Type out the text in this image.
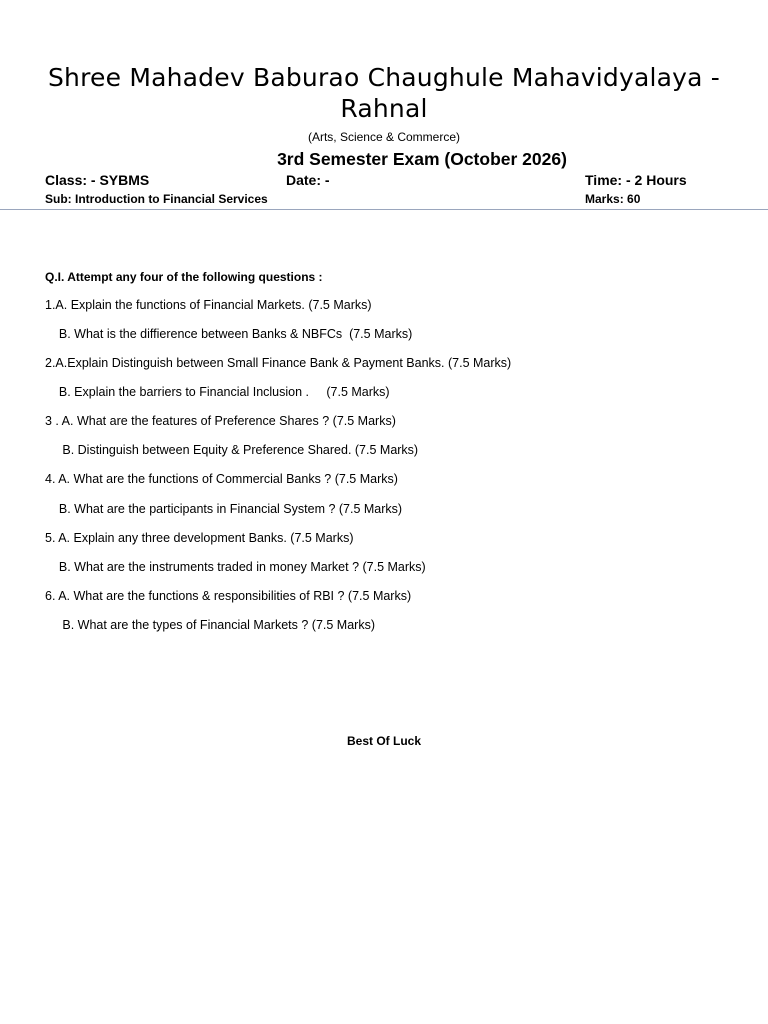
Shree Mahadev Baburao Chaughule Mahavidyalaya - Rahnal
(Arts, Science & Commerce)
3rd Semester Exam (October 2026)
Class: - SYBMS	Date: -	Time: - 2 Hours
Sub: Introduction to Financial Services	Marks: 60
Q.I. Attempt any four of the following questions :
1.A. Explain the functions of Financial Markets. (7.5 Marks)
B. What is the diffierence between Banks & NBFCs  (7.5 Marks)
2.A.Explain Distinguish between Small Finance Bank & Payment Banks. (7.5 Marks)
B. Explain the barriers to Financial Inclusion .     (7.5 Marks)
3 . A. What are the features of Preference Shares ? (7.5 Marks)
B. Distinguish between Equity & Preference Shared. (7.5 Marks)
4. A. What are the functions of Commercial Banks ? (7.5 Marks)
B. What are the participants in Financial System ? (7.5 Marks)
5. A. Explain any three development Banks. (7.5 Marks)
B. What are the instruments traded in money Market ? (7.5 Marks)
6. A. What are the functions & responsibilities of RBI ? (7.5 Marks)
B. What are the types of Financial Markets ? (7.5 Marks)
Best Of Luck
